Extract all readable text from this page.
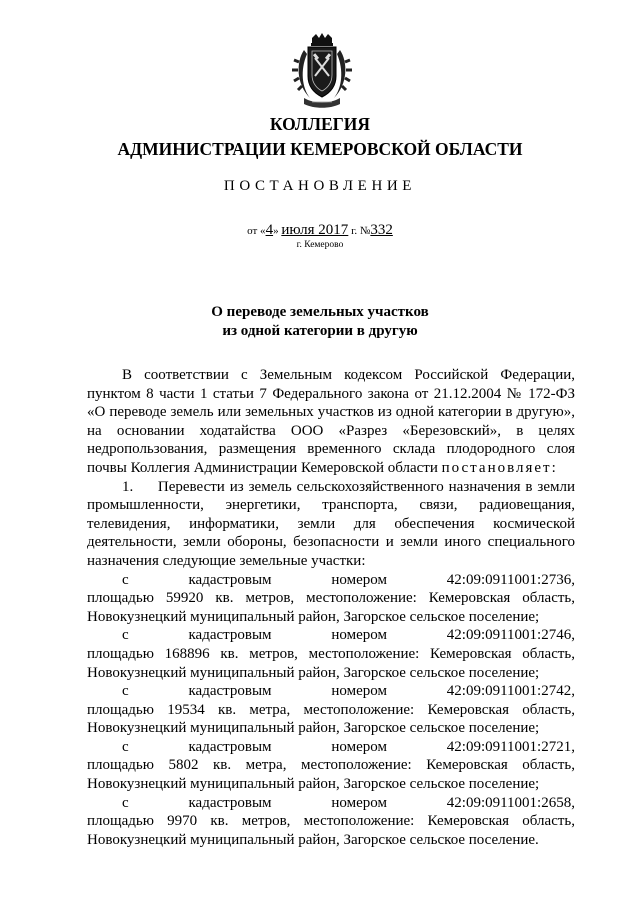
КОЛЛЕГИЯ
АДМИНИСТРАЦИИ КЕМЕРОВСКОЙ ОБЛАСТИ
ПОСТАНОВЛЕНИЕ
от «4» июля 2017 г. №332
г. Кемерово
О переводе земельных участков
из одной категории в другую

В соответствии с Земельным кодексом Российской Федерации, пунктом 8 части 1 статьи 7 Федерального закона от 21.12.2004 № 172-ФЗ «О переводе земель или земельных участков из одной категории в другую», на основании ходатайства ООО «Разрез «Березовский», в целях недропользования, размещения временного склада плодородного слоя почвы Коллегия Администрации Кемеровской области постановляет:

1. Перевести из земель сельскохозяйственного назначения в земли промышленности, энергетики, транспорта, связи, радиовещания, телевидения, информатики, земли для обеспечения космической деятельности, земли обороны, безопасности и земли иного специального назначения следующие земельные участки:

с	кадастровым	номером	42:09:0911001:2736,

площадью 59920 кв. метров, местоположение: Кемеровская область, Новокузнецкий муниципальный район, Загорское сельское поселение;

с	кадастровым	номером	42:09:0911001:2746,

площадью 168896 кв. метров, местоположение: Кемеровская область, Новокузнецкий муниципальный район, Загорское сельское поселение;

с	кадастровым	номером	42:09:0911001:2742,

площадью 19534 кв. метра, местоположение: Кемеровская область, Новокузнецкий муниципальный район, Загорское сельское поселение;

с	кадастровым	номером	42:09:0911001:2721,

площадью 5802 кв. метра, местоположение: Кемеровская область, Новокузнецкий муниципальный район, Загорское сельское поселение;

с	кадастровым	номером	42:09:0911001:2658,

площадью 9970 кв. метров, местоположение: Кемеровская область, Новокузнецкий муниципальный район, Загорское сельское поселение.
